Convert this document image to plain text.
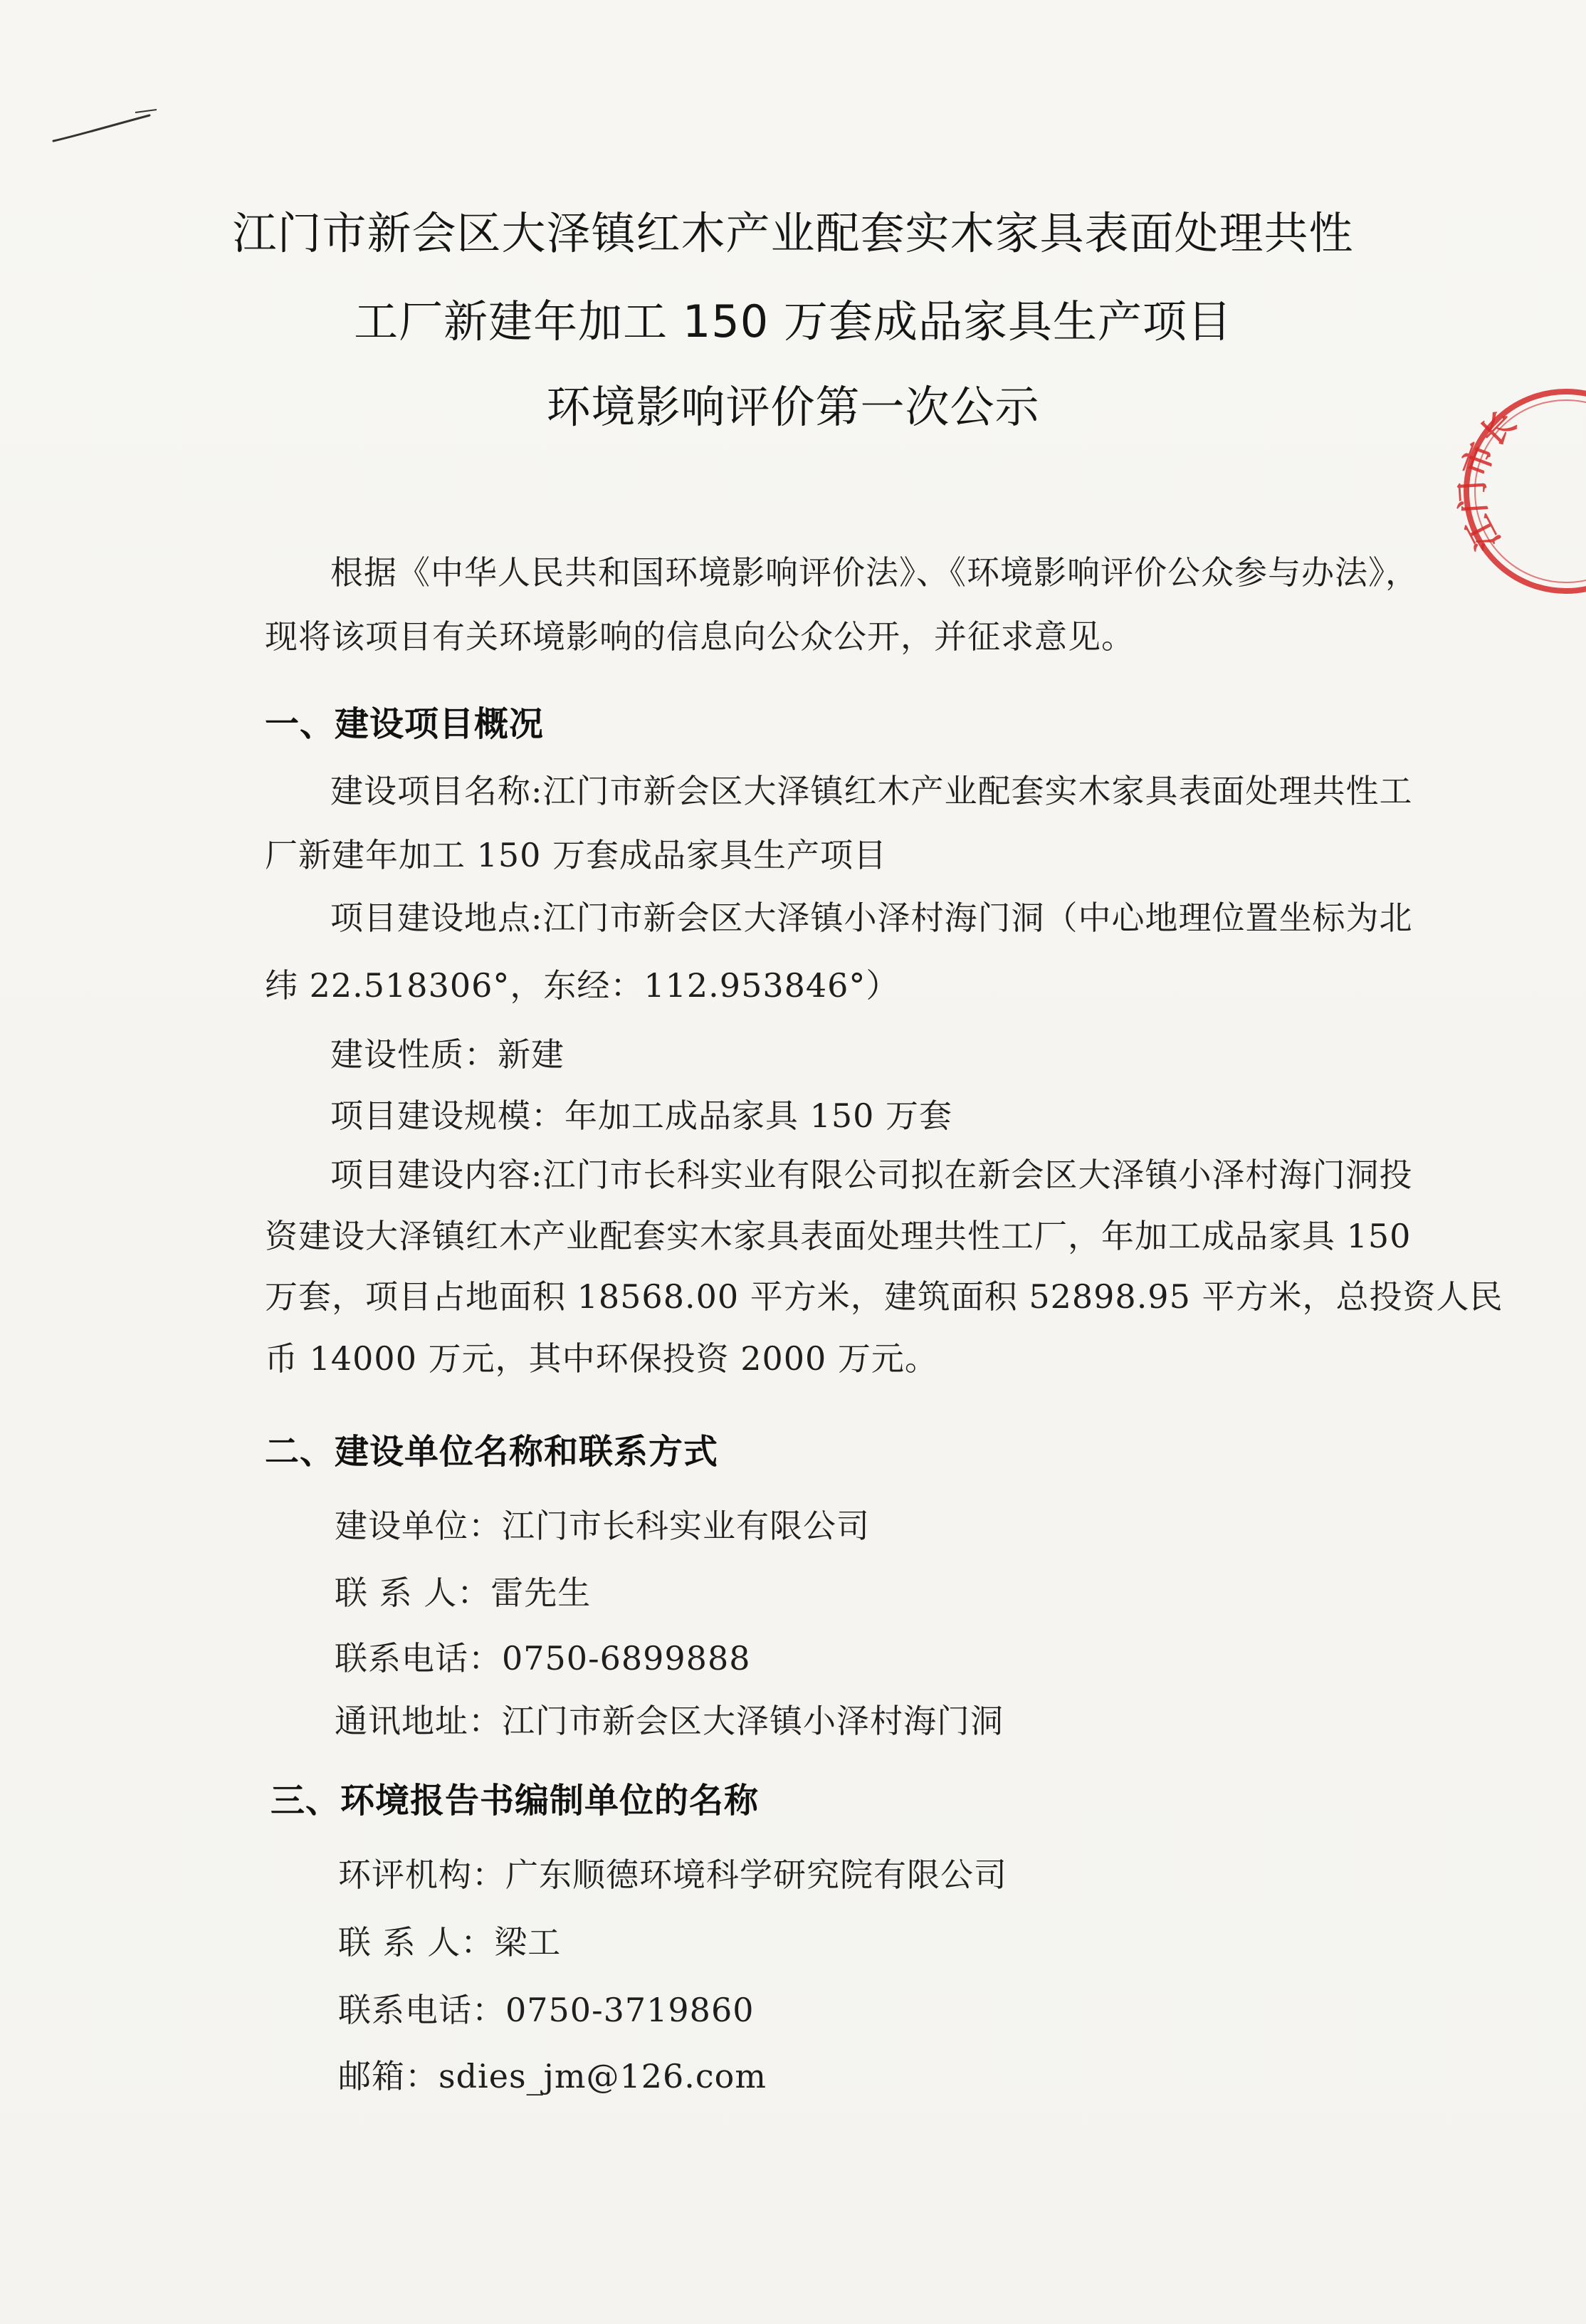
江门市长
江门市新会区大泽镇红木产业配套实木家具表面处理共性
工厂新建年加工 150 万套成品家具生产项目
环境影响评价第一次公示
根据《中华人民共和国环境影响评价法》、《环境影响评价公众参与办法》，
现将该项目有关环境影响的信息向公众公开，并征求意见。
一、建设项目概况
建设项目名称:江门市新会区大泽镇红木产业配套实木家具表面处理共性工
厂新建年加工 150 万套成品家具生产项目
项目建设地点:江门市新会区大泽镇小泽村海门洞（中心地理位置坐标为北
纬 22.518306°，东经：112.953846°）
建设性质：新建
项目建设规模：年加工成品家具 150 万套
项目建设内容:江门市长科实业有限公司拟在新会区大泽镇小泽村海门洞投
资建设大泽镇红木产业配套实木家具表面处理共性工厂，年加工成品家具 150
万套，项目占地面积 18568.00 平方米，建筑面积 52898.95 平方米，总投资人民
币 14000 万元，其中环保投资 2000 万元。
二、建设单位名称和联系方式
建设单位：江门市长科实业有限公司
联 系 人：雷先生
联系电话：0750-6899888
通讯地址：江门市新会区大泽镇小泽村海门洞
三、环境报告书编制单位的名称
环评机构：广东顺德环境科学研究院有限公司
联 系 人：梁工
联系电话：0750-3719860
邮箱：sdies_jm@126.com
